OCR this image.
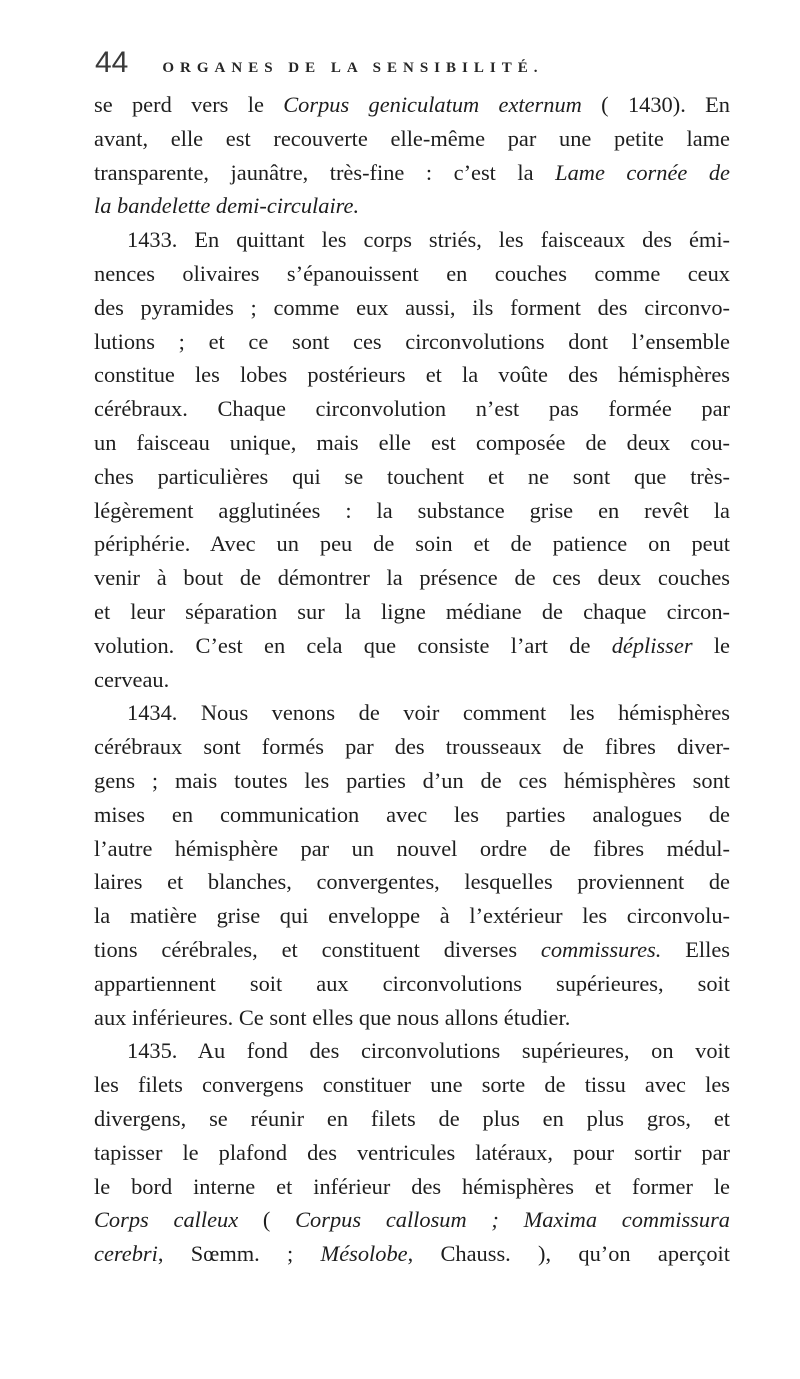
44 ORGANES DE LA SENSIBILITÉ.
se perd vers le Corpus geniculatum externum ( 1430). En
avant, elle est recouverte elle-même par une petite lame
transparente, jaunâtre, très-fine : c’est la Lame cornée de
la bandelette demi-circulaire.
1433. En quittant les corps striés, les faisceaux des émi-
nences olivaires s’épanouissent en couches comme ceux
des pyramides ; comme eux aussi, ils forment des circonvo-
lutions ; et ce sont ces circonvolutions dont l’ensemble
constitue les lobes postérieurs et la voûte des hémisphères
cérébraux. Chaque circonvolution n’est pas formée par
un faisceau unique, mais elle est composée de deux cou-
ches particulières qui se touchent et ne sont que très-
légèrement agglutinées : la substance grise en revêt la
périphérie. Avec un peu de soin et de patience on peut
venir à bout de démontrer la présence de ces deux couches
et leur séparation sur la ligne médiane de chaque circon-
volution. C’est en cela que consiste l’art de déplisser le
cerveau.
1434. Nous venons de voir comment les hémisphères
cérébraux sont formés par des trousseaux de fibres diver-
gens ; mais toutes les parties d’un de ces hémisphères sont
mises en communication avec les parties analogues de
l’autre hémisphère par un nouvel ordre de fibres médul-
laires et blanches, convergentes, lesquelles proviennent de
la matière grise qui enveloppe à l’extérieur les circonvolu-
tions cérébrales, et constituent diverses commissures. Elles
appartiennent soit aux circonvolutions supérieures, soit
aux inférieures. Ce sont elles que nous allons étudier.
1435. Au fond des circonvolutions supérieures, on voit
les filets convergens constituer une sorte de tissu avec les
divergens, se réunir en filets de plus en plus gros, et
tapisser le plafond des ventricules latéraux, pour sortir par
le bord interne et inférieur des hémisphères et former le
Corps calleux ( Corpus callosum ; Maxima commissura
cerebri, Sœmm. ; Mésolobe, Chauss. ), qu’on aperçoit
